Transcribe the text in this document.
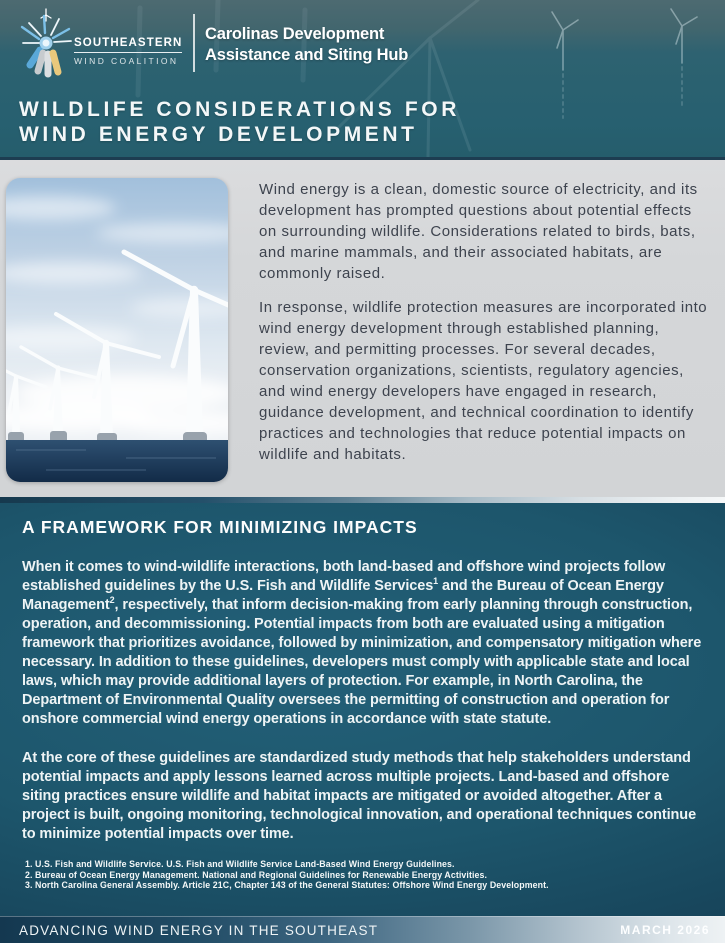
SOUTHEASTERN
WIND COALITION
Carolinas Development
Assistance and Siting Hub
WILDLIFE CONSIDERATIONS FOR
WIND ENERGY DEVELOPMENT

Wind energy is a clean, domestic source of electricity, and its development has prompted questions about potential effects on surrounding wildlife. Considerations related to birds, bats, and marine mammals, and their associated habitats, are commonly raised.

In response, wildlife protection measures are incorporated into wind energy development through established planning, review, and permitting processes. For several decades, conservation organizations, scientists, regulatory agencies, and wind energy developers have engaged in research, guidance development, and technical coordination to identify practices and technologies that reduce potential impacts on wildlife and habitats.

A FRAMEWORK FOR MINIMIZING IMPACTS

When it comes to wind-wildlife interactions, both land-based and offshore wind projects follow established guidelines by the U.S. Fish and Wildlife Services$^1$ and the Bureau of Ocean Energy Management$^2$, respectively, that inform decision-making from early planning through construction, operation, and decommissioning. Potential impacts from both are evaluated using a mitigation framework that prioritizes avoidance, followed by minimization, and compensatory mitigation where necessary. In addition to these guidelines, developers must comply with applicable state and local laws, which may provide additional layers of protection. For example, in North Carolina, the Department of Environmental Quality oversees the permitting of construction and operation for onshore commercial wind energy operations in accordance with state statute.

At the core of these guidelines are standardized study methods that help stakeholders understand potential impacts and apply lessons learned across multiple projects. Land-based and offshore siting practices ensure wildlife and habitat impacts are mitigated or avoided altogether. After a project is built, ongoing monitoring, technological innovation, and operational techniques continue to minimize potential impacts over time.

1. U.S. Fish and Wildlife Service. U.S. Fish and Wildlife Service Land-Based Wind Energy Guidelines.
2. Bureau of Ocean Energy Management. National and Regional Guidelines for Renewable Energy Activities.
3. North Carolina General Assembly. Article 21C, Chapter 143 of the General Statutes: Offshore Wind Energy Development.
ADVANCING WIND ENERGY IN THE SOUTHEAST	MARCH 2026
